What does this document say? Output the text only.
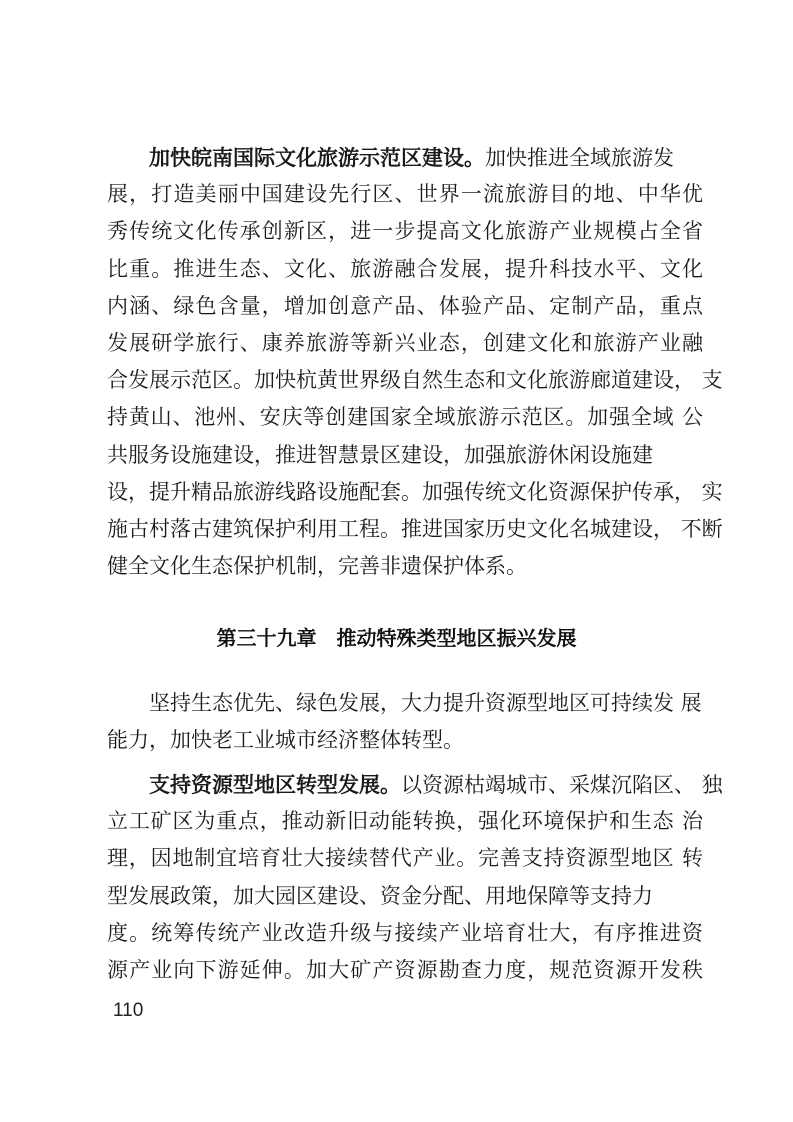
加快皖南国际文化旅游示范区建设。加快推进全域旅游发
展，打造美丽中国建设先行区、世界一流旅游目的地、中华优
秀传统文化传承创新区，进一步提高文化旅游产业规模占全省
比重。推进生态、文化、旅游融合发展，提升科技水平、文化
内涵、绿色含量，增加创意产品、体验产品、定制产品，重点
发展研学旅行、康养旅游等新兴业态，创建文化和旅游产业融
合发展示范区。加快杭黄世界级自然生态和文化旅游廊道建设， 支
持黄山、池州、安庆等创建国家全域旅游示范区。加强全域 公
共服务设施建设，推进智慧景区建设，加强旅游休闲设施建
设，提升精品旅游线路设施配套。加强传统文化资源保护传承， 实
施古村落古建筑保护利用工程。推进国家历史文化名城建设， 不断
健全文化生态保护机制，完善非遗保护体系。
第三十九章　推动特殊类型地区振兴发展
坚持生态优先、绿色发展，大力提升资源型地区可持续发 展
能力，加快老工业城市经济整体转型。
支持资源型地区转型发展。以资源枯竭城市、采煤沉陷区、 独
立工矿区为重点，推动新旧动能转换，强化环境保护和生态 治
理，因地制宜培育壮大接续替代产业。完善支持资源型地区 转
型发展政策，加大园区建设、资金分配、用地保障等支持力
度。统筹传统产业改造升级与接续产业培育壮大，有序推进资
源产业向下游延伸。加大矿产资源勘查力度，规范资源开发秩
110
